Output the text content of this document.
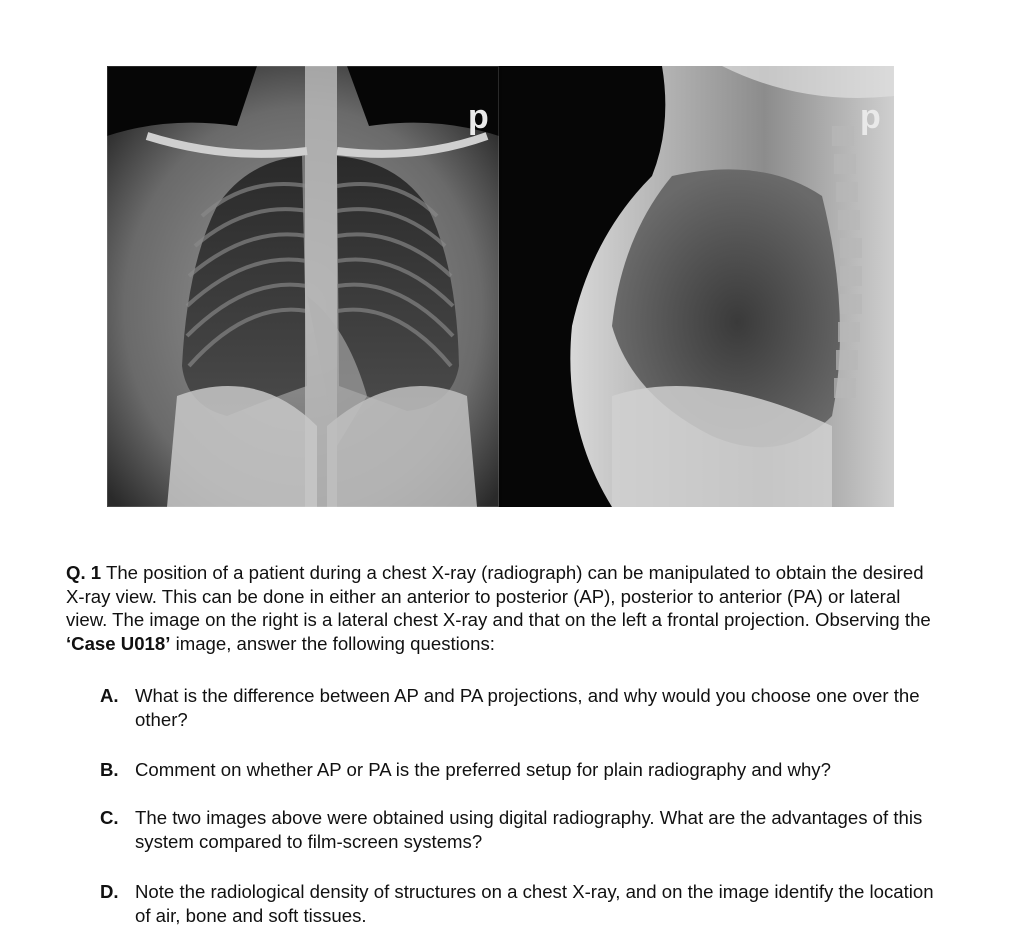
d	d

Q. 1 The position of a patient during a chest X-ray (radiograph) can be manipulated to obtain the desired X-ray view. This can be done in either an anterior to posterior (AP), posterior to anterior (PA) or lateral view. The image on the right is a lateral chest X-ray and that on the left a frontal projection. Observing the ‘Case U018’ image, answer the following questions:

A. What is the difference between AP and PA projections, and why would you choose one over the other?
B. Comment on whether AP or PA is the preferred setup for plain radiography and why?
C. The two images above were obtained using digital radiography. What are the advantages of this system compared to film-screen systems?
D. Note the radiological density of structures on a chest X-ray, and on the image identify the location of air, bone and soft tissues.
